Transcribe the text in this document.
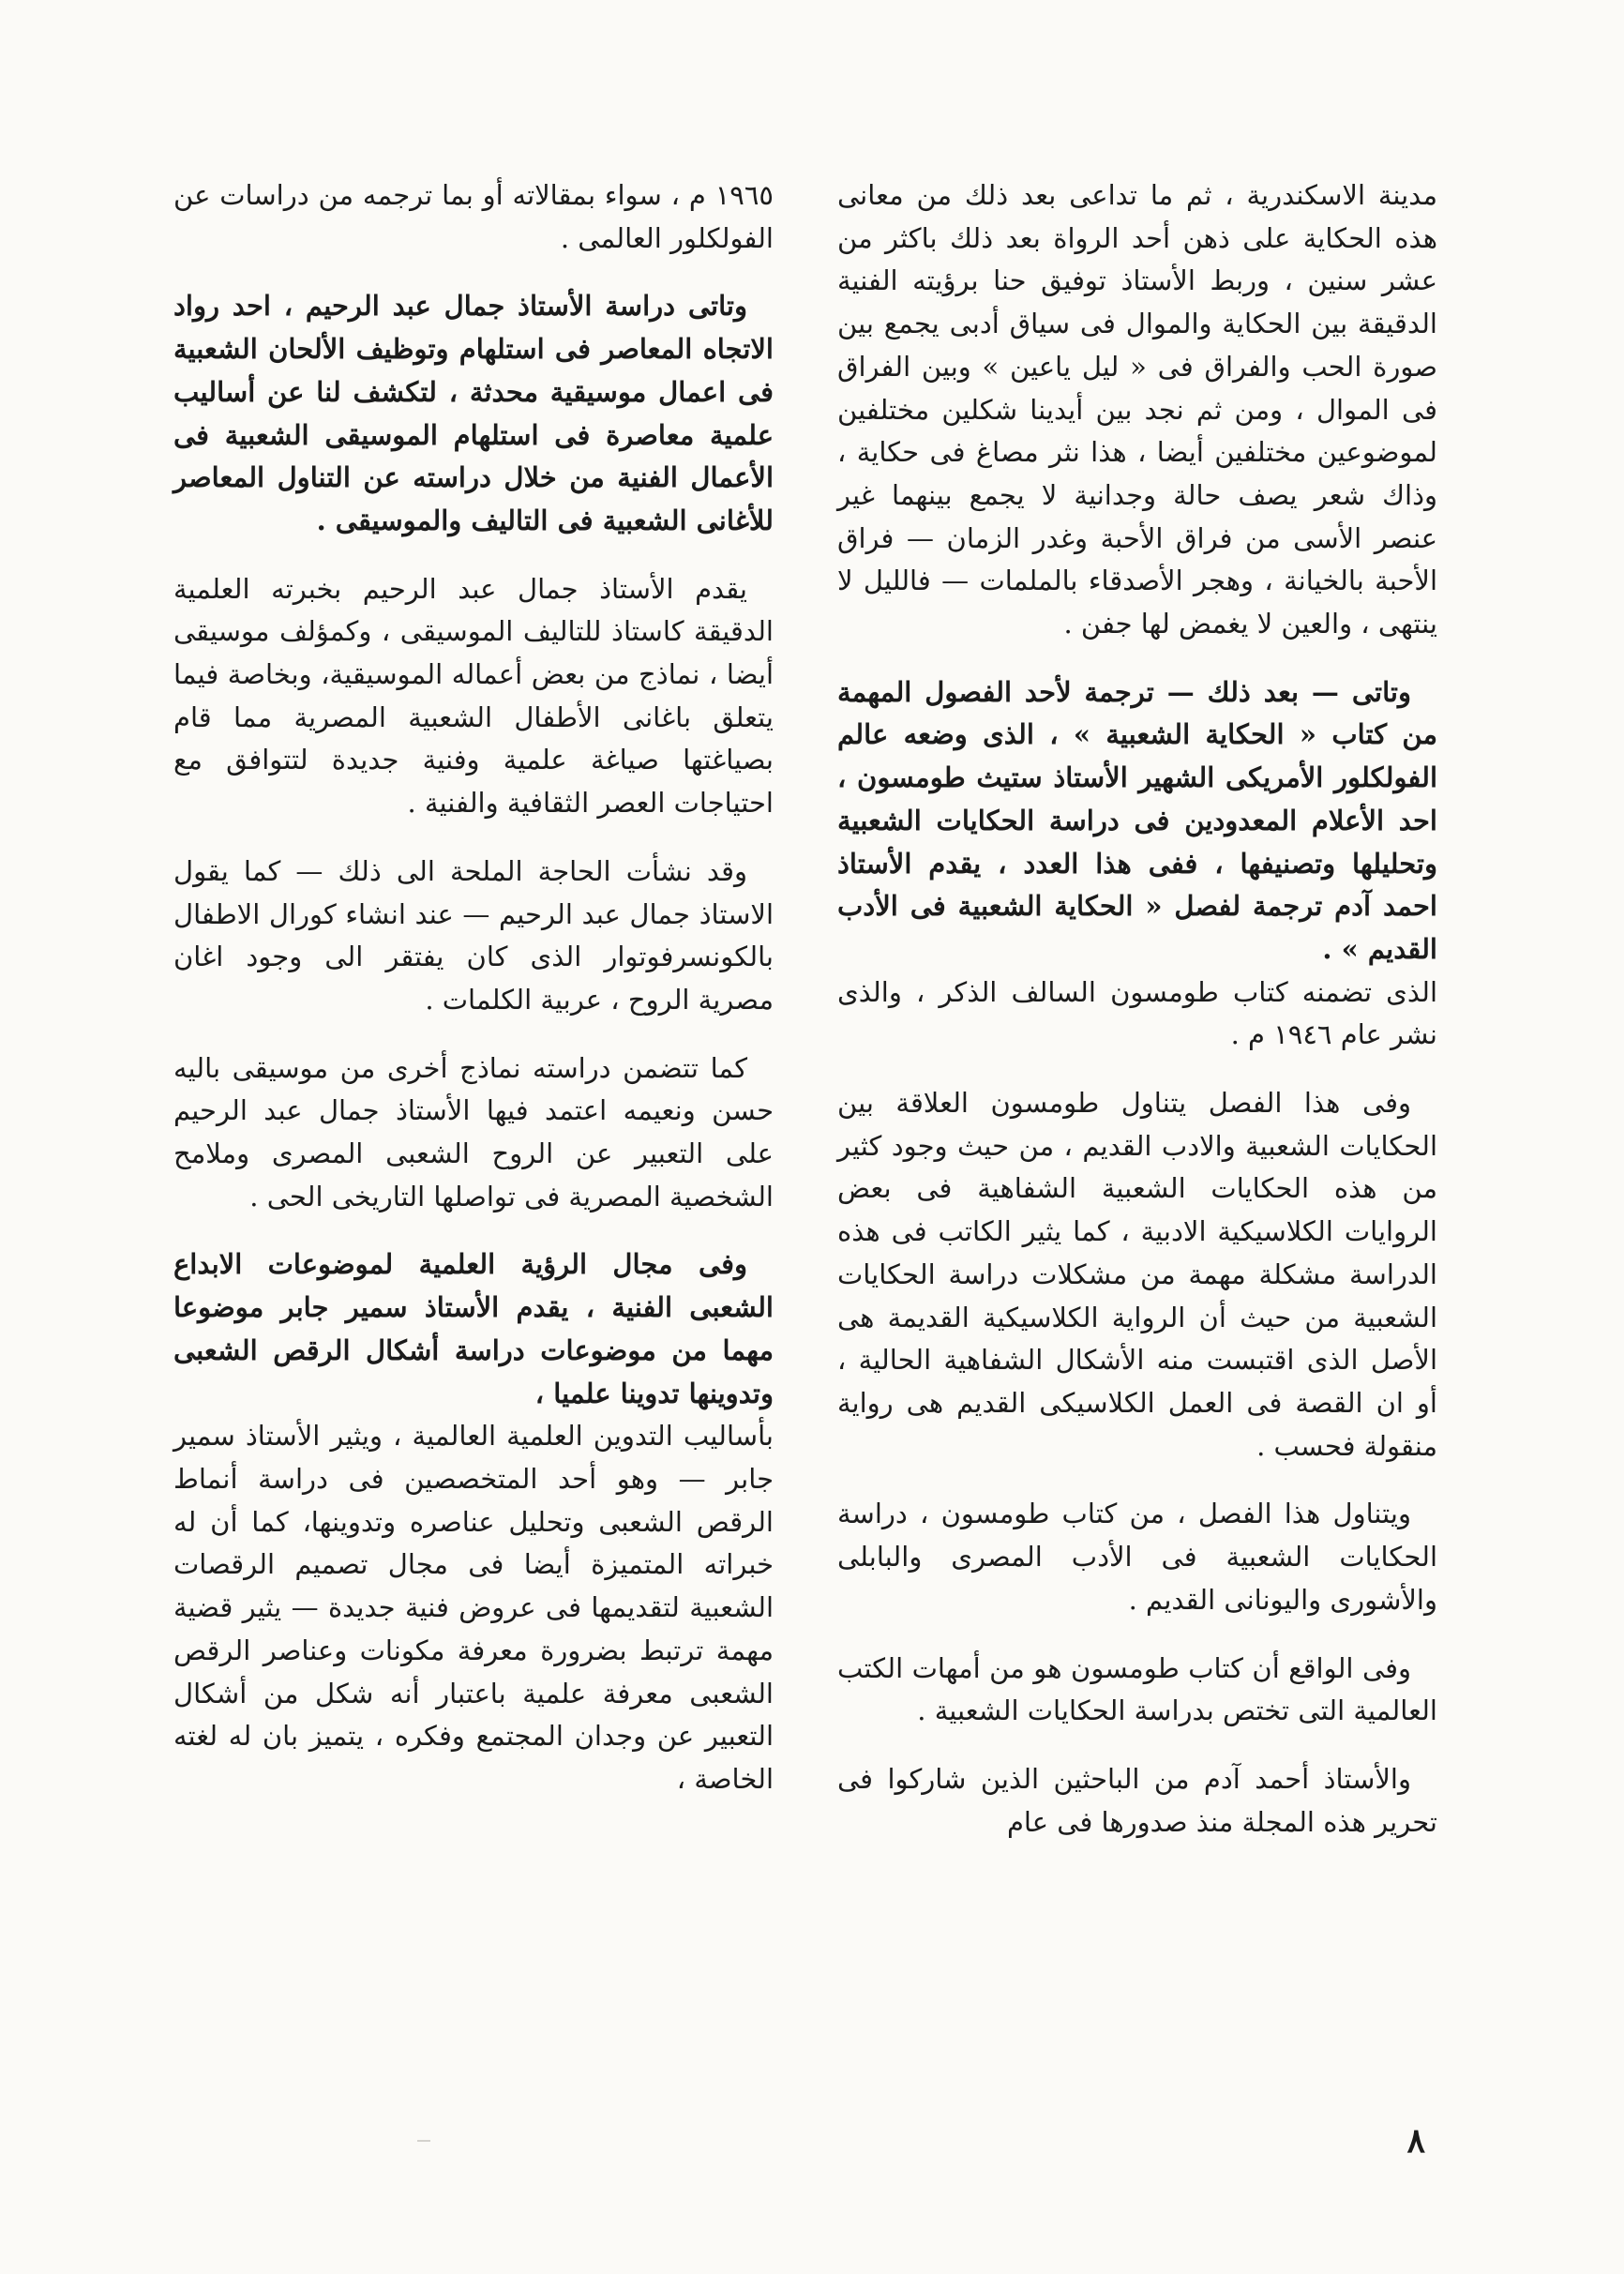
مدينة الاسكندرية ، ثم ما تداعى بعد ذلك من معانى هذه الحكاية على ذهن أحد الرواة بعد ذلك باكثر من عشر سنين ، وربط الأستاذ توفيق حنا برؤيته الفنية الدقيقة بين الحكاية والموال فى سياق أدبى يجمع بين صورة الحب والفراق فى « ليل ياعين » وبين الفراق فى الموال ، ومن ثم نجد بين أيدينا شكلين مختلفين لموضوعين مختلفين أيضا ، هذا نثر مصاغ فى حكاية ، وذاك شعر يصف حالة وجدانية لا يجمع بينهما غير عنصر الأسى من فراق الأحبة وغدر الزمان — فراق الأحبة بالخيانة ، وهجر الأصدقاء بالملمات — فالليل لا ينتهى ، والعين لا يغمض لها جفن .

وتاتى — بعد ذلك — ترجمة لأحد الفصول المهمة من كتاب « الحكاية الشعبية » ، الذى وضعه عالم الفولكلور الأمريكى الشهير الأستاذ ستيث طومسون ، احد الأعلام المعدودين فى دراسة الحكايات الشعبية وتحليلها وتصنيفها ، ففى هذا العدد ، يقدم الأستاذ احمد آدم ترجمة لفصل « الحكاية الشعبية فى الأدب القديم » .

الذى تضمنه كتاب طومسون السالف الذكر ، والذى نشر عام ١٩٤٦ م .

وفى هذا الفصل يتناول طومسون العلاقة بين الحكايات الشعبية والادب القديم ، من حيث وجود كثير من هذه الحكايات الشعبية الشفاهية فى بعض الروايات الكلاسيكية الادبية ، كما يثير الكاتب فى هذه الدراسة مشكلة مهمة من مشكلات دراسة الحكايات الشعبية من حيث أن الرواية الكلاسيكية القديمة هى الأصل الذى اقتبست منه الأشكال الشفاهية الحالية ، أو ان القصة فى العمل الكلاسيكى القديم هى رواية منقولة فحسب .

ويتناول هذا الفصل ، من كتاب طومسون ، دراسة الحكايات الشعبية فى الأدب المصرى والبابلى والأشورى واليونانى القديم .

وفى الواقع أن كتاب طومسون هو من أمهات الكتب العالمية التى تختص بدراسة الحكايات الشعبية .

والأستاذ أحمد آدم من الباحثين الذين شاركوا فى تحرير هذه المجلة منذ صدورها فى عام

١٩٦٥ م ، سواء بمقالاته أو بما ترجمه من دراسات عن الفولكلور العالمى .

وتاتى دراسة الأستاذ جمال عبد الرحيم ، احد رواد الاتجاه المعاصر فى استلهام وتوظيف الألحان الشعبية فى اعمال موسيقية محدثة ، لتكشف لنا عن أساليب علمية معاصرة فى استلهام الموسيقى الشعبية فى الأعمال الفنية من خلال دراسته عن التناول المعاصر للأغانى الشعبية فى التاليف والموسيقى .

يقدم الأستاذ جمال عبد الرحيم بخبرته العلمية الدقيقة كاستاذ للتاليف الموسيقى ، وكمؤلف موسيقى أيضا ، نماذج من بعض أعماله الموسيقية، وبخاصة فيما يتعلق باغانى الأطفال الشعبية المصرية مما قام بصياغتها صياغة علمية وفنية جديدة لتتوافق مع احتياجات العصر الثقافية والفنية .

وقد نشأت الحاجة الملحة الى ذلك — كما يقول الاستاذ جمال عبد الرحيم — عند انشاء كورال الاطفال بالكونسرفوتوار الذى كان يفتقر الى وجود اغان مصرية الروح ، عربية الكلمات .

كما تتضمن دراسته نماذج أخرى من موسيقى باليه حسن ونعيمه اعتمد فيها الأستاذ جمال عبد الرحيم على التعبير عن الروح الشعبى المصرى وملامح الشخصية المصرية فى تواصلها التاريخى الحى .

وفى مجال الرؤية العلمية لموضوعات الابداع الشعبى الفنية ، يقدم الأستاذ سمير جابر موضوعا مهما من موضوعات دراسة أشكال الرقص الشعبى وتدوينها تدوينا علميا ،

بأساليب التدوين العلمية العالمية ، ويثير الأستاذ سمير جابر — وهو أحد المتخصصين فى دراسة أنماط الرقص الشعبى وتحليل عناصره وتدوينها، كما أن له خبراته المتميزة أيضا فى مجال تصميم الرقصات الشعبية لتقديمها فى عروض فنية جديدة — يثير قضية مهمة ترتبط بضرورة معرفة مكونات وعناصر الرقص الشعبى معرفة علمية باعتبار أنه شكل من أشكال التعبير عن وجدان المجتمع وفكره ، يتميز بان له لغته الخاصة ،

٨
